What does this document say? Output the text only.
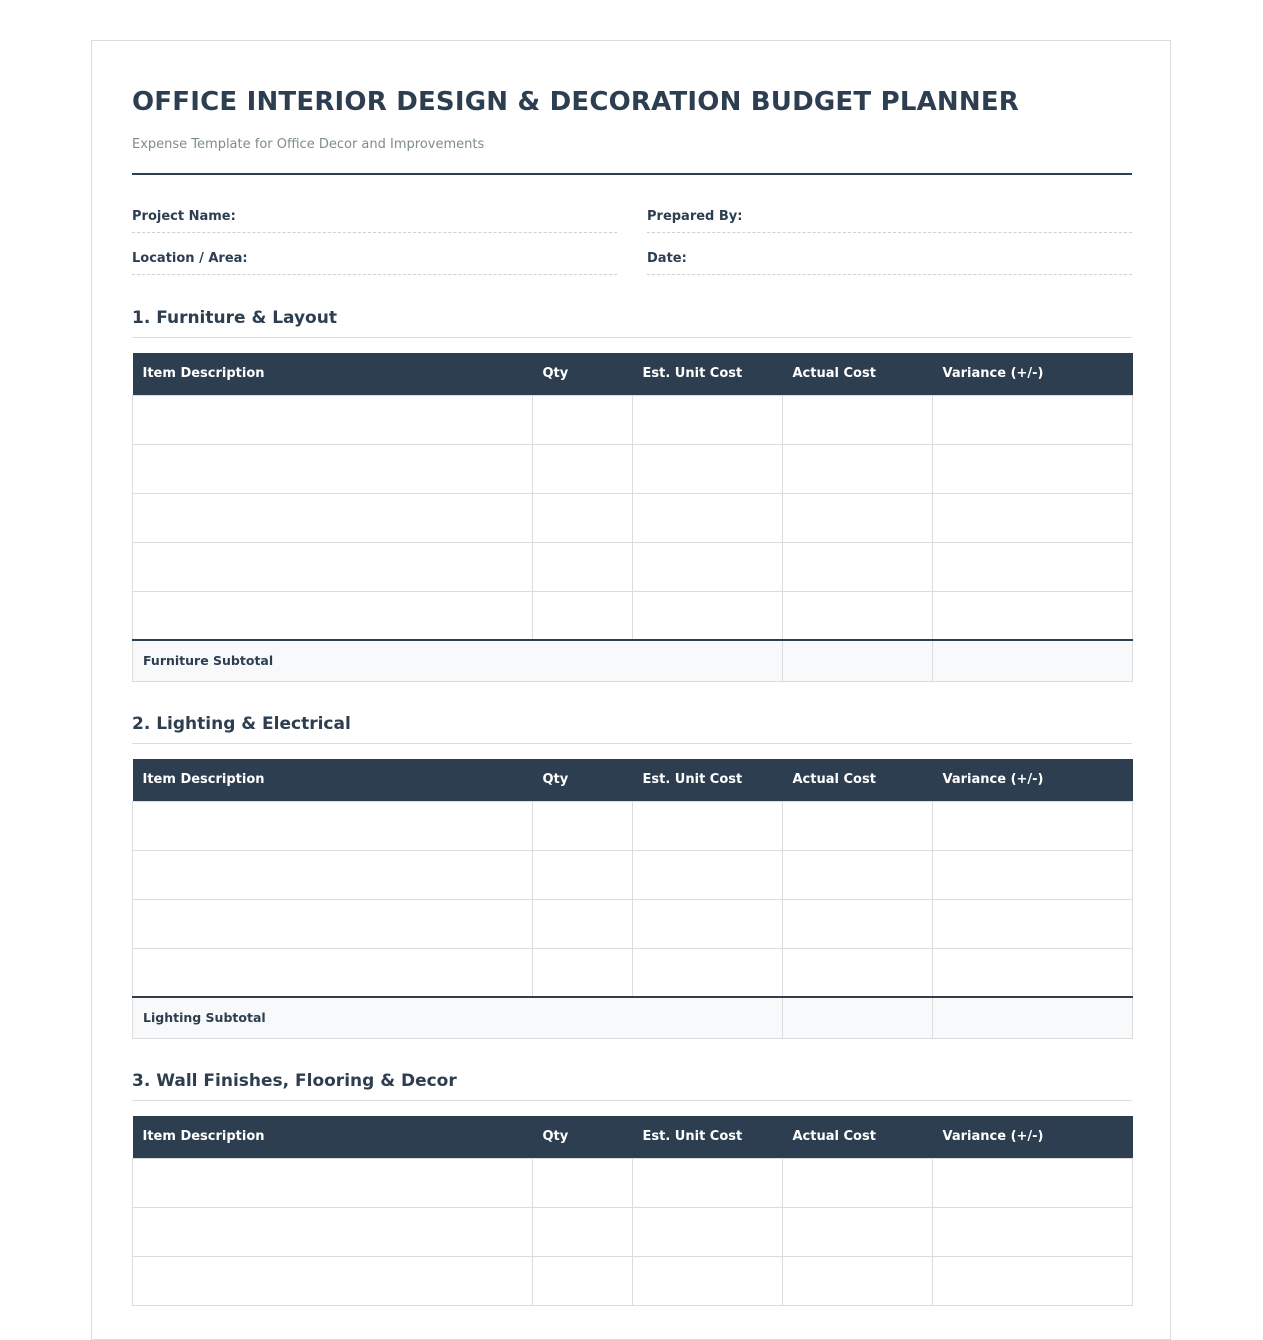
OFFICE INTERIOR DESIGN & DECORATION BUDGET PLANNER
Expense Template for Office Decor and Improvements
Project Name:	Prepared By:
Location / Area:	Date:
1. Furniture & Layout
Item Description	Qty	Est. Unit Cost	Actual Cost	Variance (+/-)

Furniture Subtotal				
2. Lighting & Electrical
Item Description	Qty	Est. Unit Cost	Actual Cost	Variance (+/-)

Lighting Subtotal				
3. Wall Finishes, Flooring & Decor
Item Description	Qty	Est. Unit Cost	Actual Cost	Variance (+/-)
